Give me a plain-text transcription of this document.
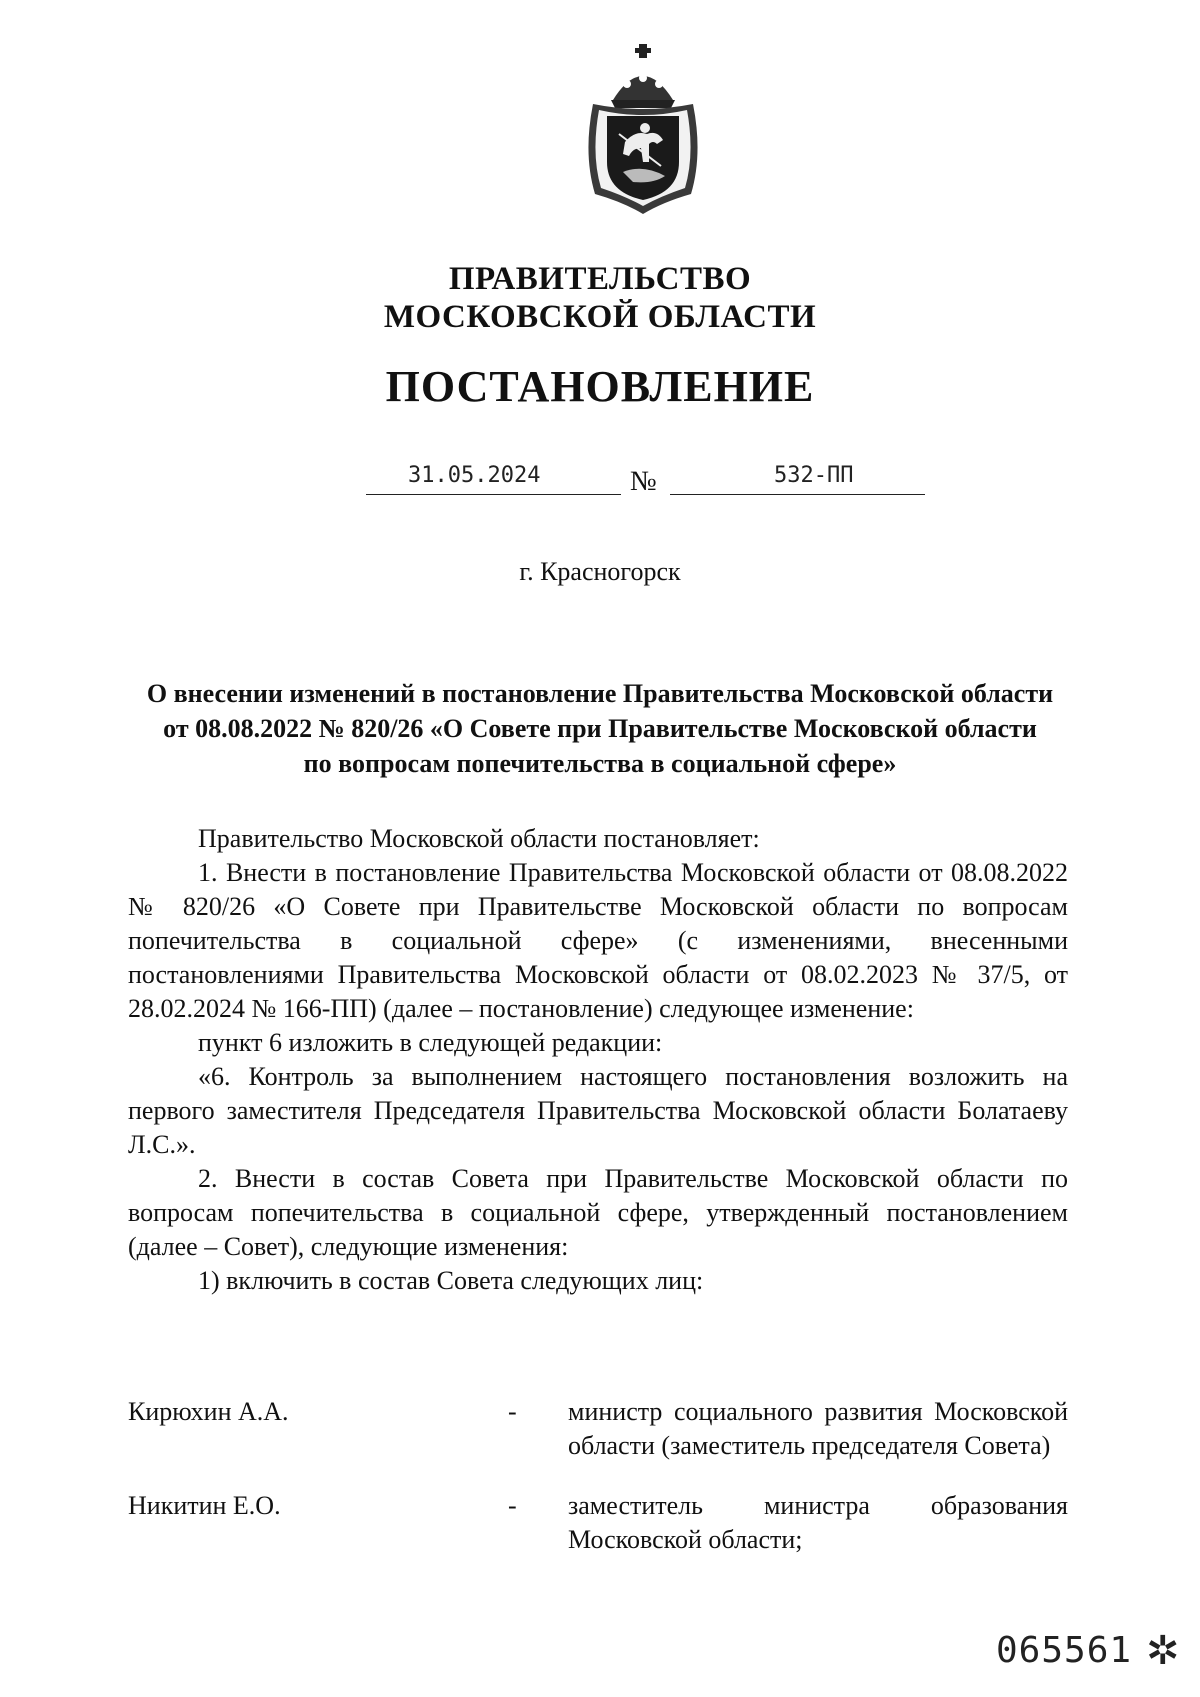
ПРАВИТЕЛЬСТВО
МОСКОВСКОЙ ОБЛАСТИ
ПОСТАНОВЛЕНИЕ
31.05.2024	№	532-ПП
г. Красногорск
О внесении изменений в постановление Правительства Московской области
от 08.08.2022 № 820/26 «О Совете при Правительстве Московской области
по вопросам попечительства в социальной сфере»

Правительство Московской области постановляет:

1. Внести в постановление Правительства Московской области от 08.08.2022 № 820/26 «О Совете при Правительстве Московской области по вопросам попечительства в социальной сфере» (с изменениями, внесенными постановлениями Правительства Московской области от 08.02.2023 № 37/5, от 28.02.2024 № 166-ПП) (далее – постановление) следующее изменение:

пункт 6 изложить в следующей редакции:

«6. Контроль за выполнением настоящего постановления возложить на первого заместителя Председателя Правительства Московской области Болатаеву Л.С.».

2. Внести в состав Совета при Правительстве Московской области по вопросам попечительства в социальной сфере, утвержденный постановлением (далее – Совет), следующие изменения:

1) включить в состав Совета следующих лиц:

Кирюхин А.А.	- министр социального развития Московской области (заместитель председателя Совета)
Никитин Е.О.	- заместитель министра образования Московской области;
065561 ✲
